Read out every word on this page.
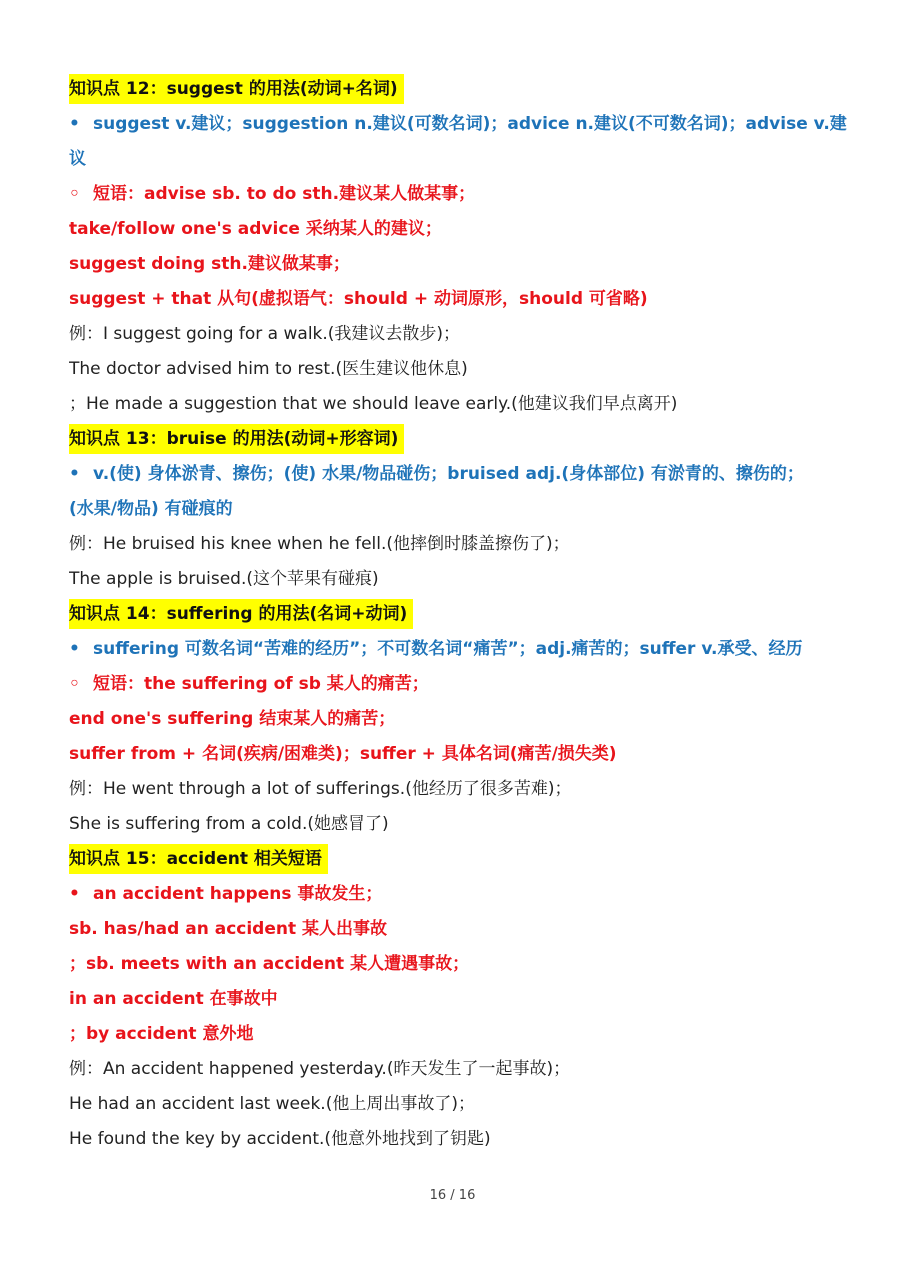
知识点 12：suggest 的用法(动词+名词)
• suggest v.建议；suggestion n.建议(可数名词)；advice n.建议(不可数名词)；advise v.建
议
◦ 短语：advise sb. to do sth.建议某人做某事；
take/follow one's advice 采纳某人的建议；
suggest doing sth.建议做某事；
suggest + that 从句(虚拟语气：should + 动词原形，should 可省略)
例：I suggest going for a walk.(我建议去散步)；
The doctor advised him to rest.(医生建议他休息)
；He made a suggestion that we should leave early.(他建议我们早点离开)
知识点 13：bruise 的用法(动词+形容词)
• v.(使) 身体淤青、擦伤；(使) 水果/物品碰伤；bruised adj.(身体部位) 有淤青的、擦伤的；
(水果/物品) 有碰痕的
例：He bruised his knee when he fell.(他摔倒时膝盖擦伤了)；
The apple is bruised.(这个苹果有碰痕)
知识点 14：suffering 的用法(名词+动词)
• suffering 可数名词“苦难的经历”；不可数名词“痛苦”；adj.痛苦的；suffer v.承受、经历
◦ 短语：the suffering of sb 某人的痛苦；
end one's suffering 结束某人的痛苦；
suffer from + 名词(疾病/困难类)；suffer + 具体名词(痛苦/损失类)
例：He went through a lot of sufferings.(他经历了很多苦难)；
She is suffering from a cold.(她感冒了)
知识点 15：accident 相关短语
• an accident happens 事故发生；
sb. has/had an accident 某人出事故
；sb. meets with an accident 某人遭遇事故；
in an accident 在事故中
；by accident 意外地
例：An accident happened yesterday.(昨天发生了一起事故)；
He had an accident last week.(他上周出事故了)；
He found the key by accident.(他意外地找到了钥匙)
16 / 16
